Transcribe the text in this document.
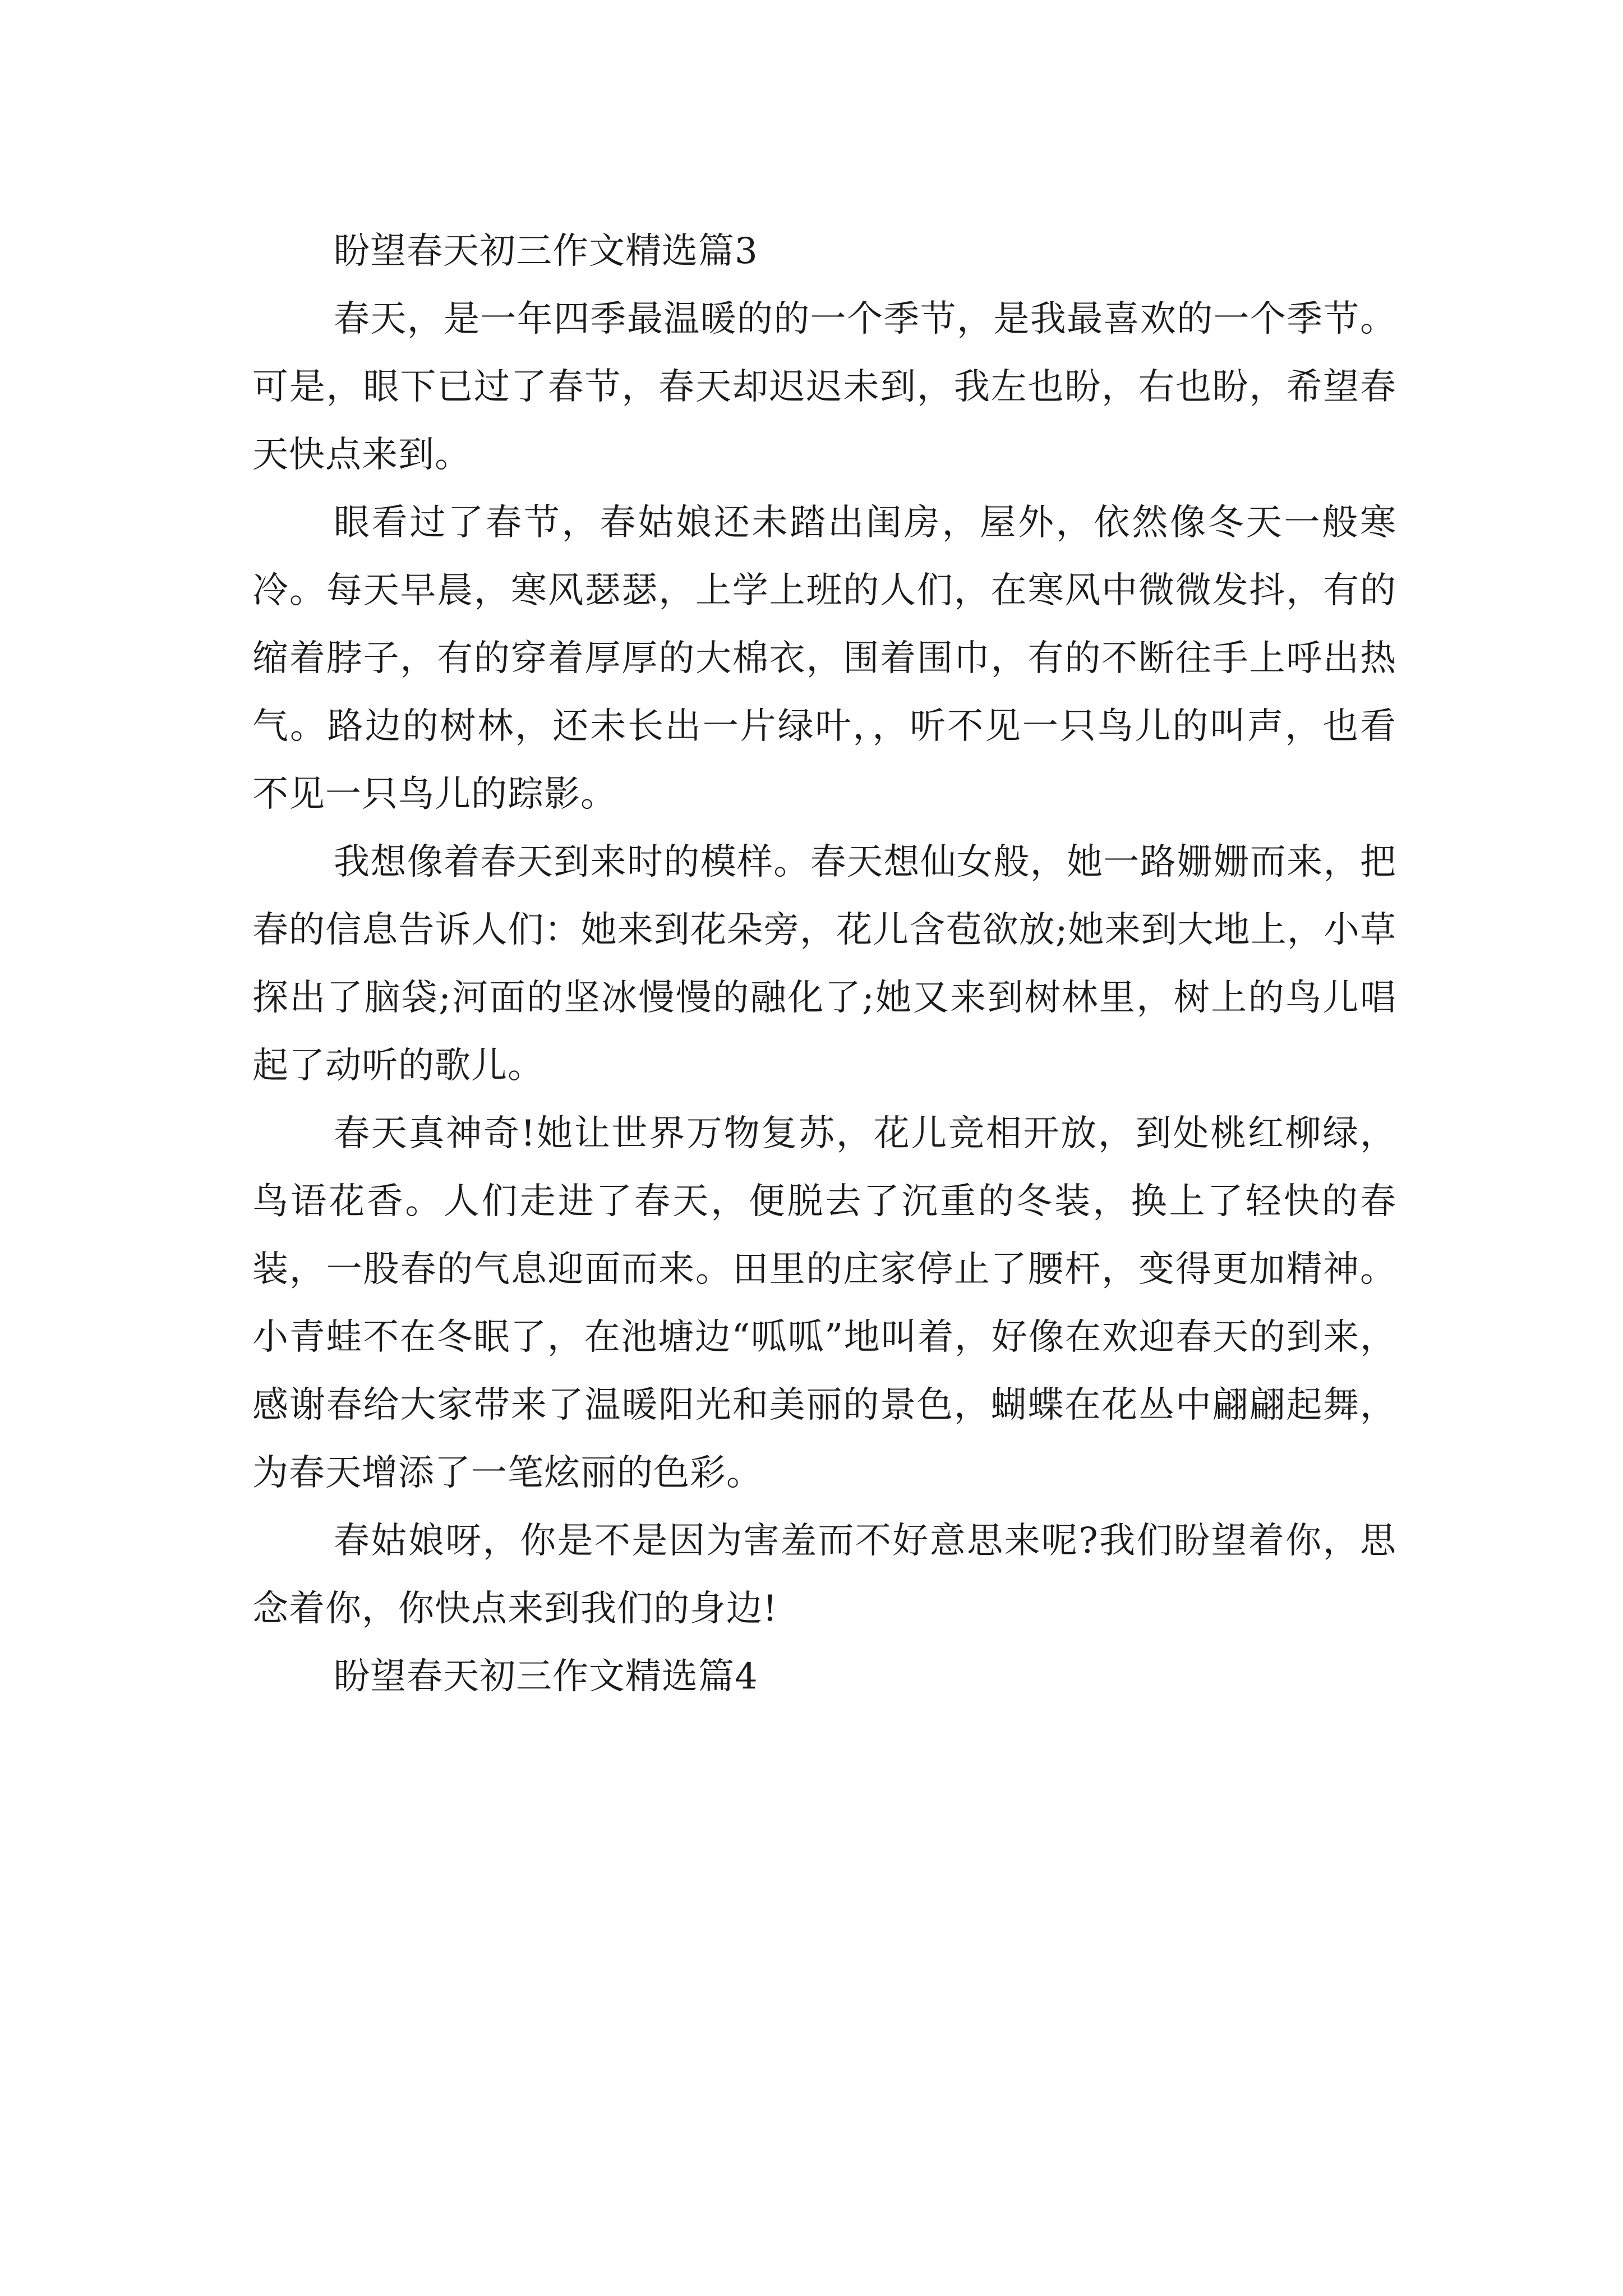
盼望春天初三作文精选篇3

春天，是一年四季最温暖的的一个季节，是我最喜欢的一个季节。可是，眼下已过了春节，春天却迟迟未到，我左也盼，右也盼，希望春天快点来到。

眼看过了春节，春姑娘还未踏出闺房，屋外，依然像冬天一般寒冷。每天早晨，寒风瑟瑟，上学上班的人们，在寒风中微微发抖，有的缩着脖子，有的穿着厚厚的大棉衣，围着围巾，有的不断往手上呼出热气。路边的树林，还未长出一片绿叶，，听不见一只鸟儿的叫声，也看不见一只鸟儿的踪影。

我想像着春天到来时的模样。春天想仙女般，她一路姗姗而来，把春的信息告诉人们：她来到花朵旁，花儿含苞欲放;她来到大地上，小草探出了脑袋;河面的坚冰慢慢的融化了;她又来到树林里，树上的鸟儿唱起了动听的歌儿。

春天真神奇!她让世界万物复苏，花儿竞相开放，到处桃红柳绿，鸟语花香。人们走进了春天，便脱去了沉重的冬装，换上了轻快的春装，一股春的气息迎面而来。田里的庄家停止了腰杆，变得更加精神。小青蛙不在冬眠了，在池塘边“呱呱”地叫着，好像在欢迎春天的到来，感谢春给大家带来了温暖阳光和美丽的景色，蝴蝶在花丛中翩翩起舞，为春天增添了一笔炫丽的色彩。

春姑娘呀，你是不是因为害羞而不好意思来呢?我们盼望着你，思念着你，你快点来到我们的身边!

盼望春天初三作文精选篇4
